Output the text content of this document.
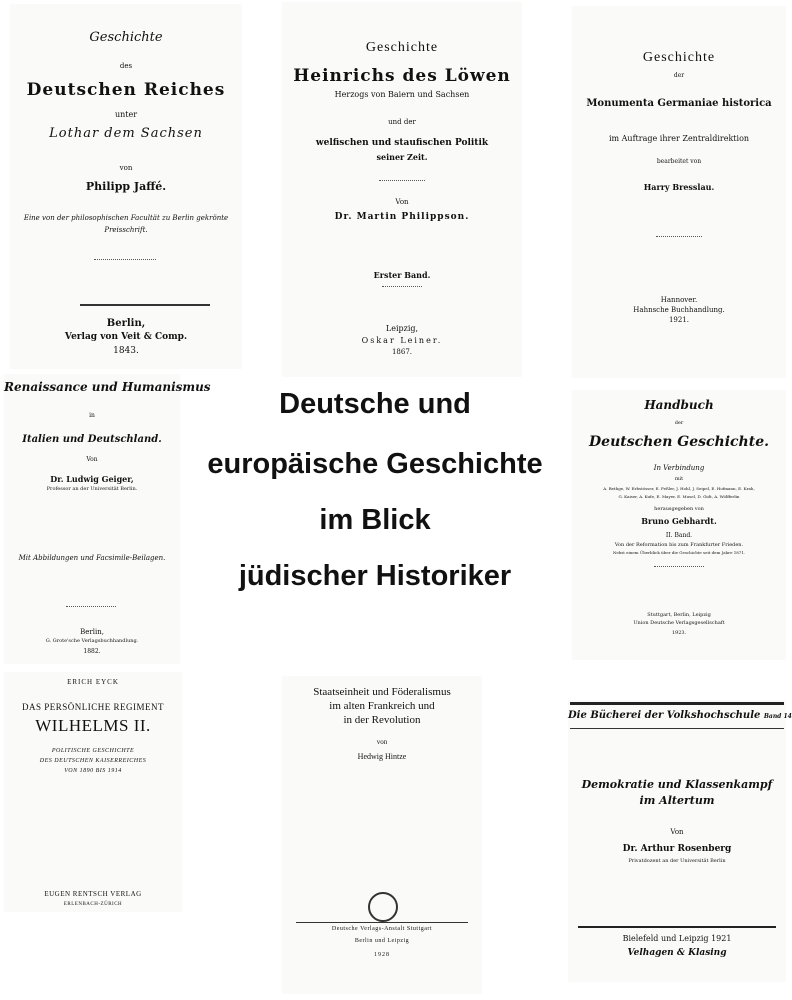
Geschichte
des
Deutschen Reiches
unter
Lothar dem Sachsen
von
Philipp Jaffé.
Eine von der philosophischen Facultät zu Berlin gekrönte
Preisschrift.
Berlin,
Verlag von Veit & Comp.
1843.
Geschichte
Heinrichs des Löwen
Herzogs von Baiern und Sachsen
und der
welfischen und staufischen Politik
seiner Zeit.
Von
Dr. Martin Philippson.
Erster Band.
Leipzig,
Oskar Leiner.
1867.
Geschichte
der
Monumenta Germaniae historica
im Auftrage ihrer Zentraldirektion
bearbeitet von
Harry Bresslau.
Hannover.
Hahnsche Buchhandlung.
1921.
Renaissance und Humanismus
in
Italien und Deutschland.
Von
Dr. Ludwig Geiger,
Professor an der Universität Berlin.
Mit Abbildungen und Facsimile-Beilagen.
Berlin,
G. Grote'sche Verlagsbuchhandlung.
1882.
Handbuch
der
Deutschen Geschichte.
In Verbindung
mit
A. Bethge, W. Erbstösser, E. Feßler, J. Hohl, J. Seipel, E. Hofmann, E. Krah,
G. Kaiser, A. Kufe, E. Mayer, E. Musel, D. Gidt, A. Wölfferlin
herausgegeben von
Bruno Gebhardt.
II. Band.
Von der Reformation bis zum Frankfurter Frieden.
Nebst einem Überblick über die Geschichte seit dem Jahre 1871.
Stuttgart, Berlin, Leipzig
Union Deutsche Verlagsgesellschaft
1923.
ERICH EYCK
DAS PERSÖNLICHE REGIMENT
WILHELMS II.
POLITISCHE GESCHICHTE
DES DEUTSCHEN KAISERREICHES
VON 1890 BIS 1914
EUGEN RENTSCH VERLAG
ERLENBACH-ZÜRICH
Staatseinheit und Föderalismus
im alten Frankreich und
in der Revolution
von
Hedwig Hintze
Deutsche Verlags-Anstalt Stuttgart
Berlin und Leipzig
1928
Die Bücherei der Volkshochschule Band 14
Demokratie und Klassenkampf
im Altertum
Von
Dr. Arthur Rosenberg
Privatdozent an der Universität Berlin
Bielefeld und Leipzig 1921
Velhagen & Klasing
Deutsche und
europäische Geschichte
im Blick
jüdischer Historiker
